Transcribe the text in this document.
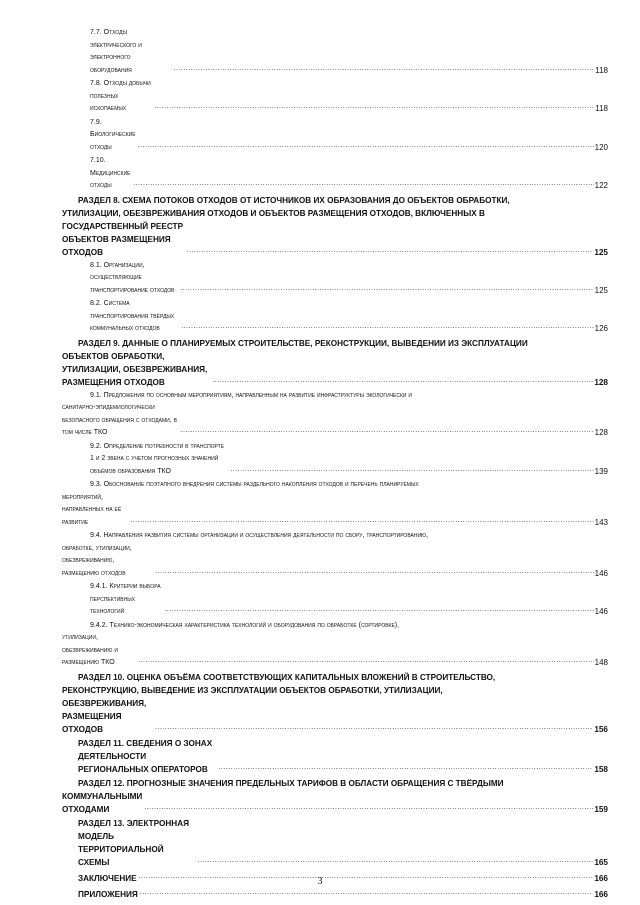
7.7. Отходы электрического и электронного оборудования .....	118
7.8. Отходы добычи полезных ископаемых .....	118
7.9. Биологические отходы .....	120
7.10. Медицинские отходы .....	122
РАЗДЕЛ 8. СХЕМА ПОТОКОВ ОТХОДОВ ОТ ИСТОЧНИКОВ ИХ ОБРАЗОВАНИЯ ДО ОБЪЕКТОВ ОБРАБОТКИ,
УТИЛИЗАЦИИ, ОБЕЗВРЕЖИВАНИЯ ОТХОДОВ И ОБЪЕКТОВ РАЗМЕЩЕНИЯ ОТХОДОВ, ВКЛЮЧЕННЫХ В
ГОСУДАРСТВЕННЫЙ РЕЕСТР ОБЪЕКТОВ РАЗМЕЩЕНИЯ ОТХОДОВ .....	125
8.1. Организации, осуществляющие транспортирование отходов .....	125
8.2. Система транспортирования твёрдых коммунальных отходов .....	126
РАЗДЕЛ 9. ДАННЫЕ О ПЛАНИРУЕМЫХ СТРОИТЕЛЬСТВЕ, РЕКОНСТРУКЦИИ, ВЫВЕДЕНИИ ИЗ ЭКСПЛУАТАЦИИ
ОБЪЕКТОВ ОБРАБОТКИ, УТИЛИЗАЦИИ, ОБЕЗВРЕЖИВАНИЯ, РАЗМЕЩЕНИЯ ОТХОДОВ .....	128
9.1. Предложения по основным мероприятиям, направленным на развитие инфраструктуры экологически и
санитарно-эпидемиологически безопасного обращения с отходами, в том числе ТКО .....	128
9.2. Определение потребности в транспорте 1 и 2 звена с учетом прогнозных значений объёмов образования ТКО .....	139
9.3. Обоснование поэтапного внедрения системы раздельного накопления отходов и перечень планируемых
мероприятий, направленных на её развитие .....	143
9.4. Направления развития системы организации и осуществления деятельности по сбору, транспортированию,
обработке, утилизации, обезвреживанию, размещению отходов .....	146
9.4.1. Критерии выбора перспективных технологий .....	146
9.4.2. Технико-экономическая характеристика технологий и оборудования по обработке (сортировке),
утилизации, обезвреживанию и размещению ТКО .....	148
РАЗДЕЛ 10. ОЦЕНКА ОБЪЁМА СООТВЕТСТВУЮЩИХ КАПИТАЛЬНЫХ ВЛОЖЕНИЙ В СТРОИТЕЛЬСТВО,
РЕКОНСТРУКЦИЮ, ВЫВЕДЕНИЕ ИЗ ЭКСПЛУАТАЦИИ ОБЪЕКТОВ ОБРАБОТКИ, УТИЛИЗАЦИИ,
ОБЕЗВРЕЖИВАНИЯ, РАЗМЕЩЕНИЯ ОТХОДОВ .....	156
РАЗДЕЛ 11. СВЕДЕНИЯ О ЗОНАХ ДЕЯТЕЛЬНОСТИ РЕГИОНАЛЬНЫХ ОПЕРАТОРОВ .....	158
РАЗДЕЛ 12. ПРОГНОЗНЫЕ ЗНАЧЕНИЯ ПРЕДЕЛЬНЫХ ТАРИФОВ В ОБЛАСТИ ОБРАЩЕНИЯ С ТВЁРДЫМИ
КОММУНАЛЬНЫМИ ОТХОДАМИ .....	159
РАЗДЕЛ 13. ЭЛЕКТРОННАЯ МОДЕЛЬ ТЕРРИТОРИАЛЬНОЙ СХЕМЫ .....	165
ЗАКЛЮЧЕНИЕ .....	166
ПРИЛОЖЕНИЯ .....	166
3
